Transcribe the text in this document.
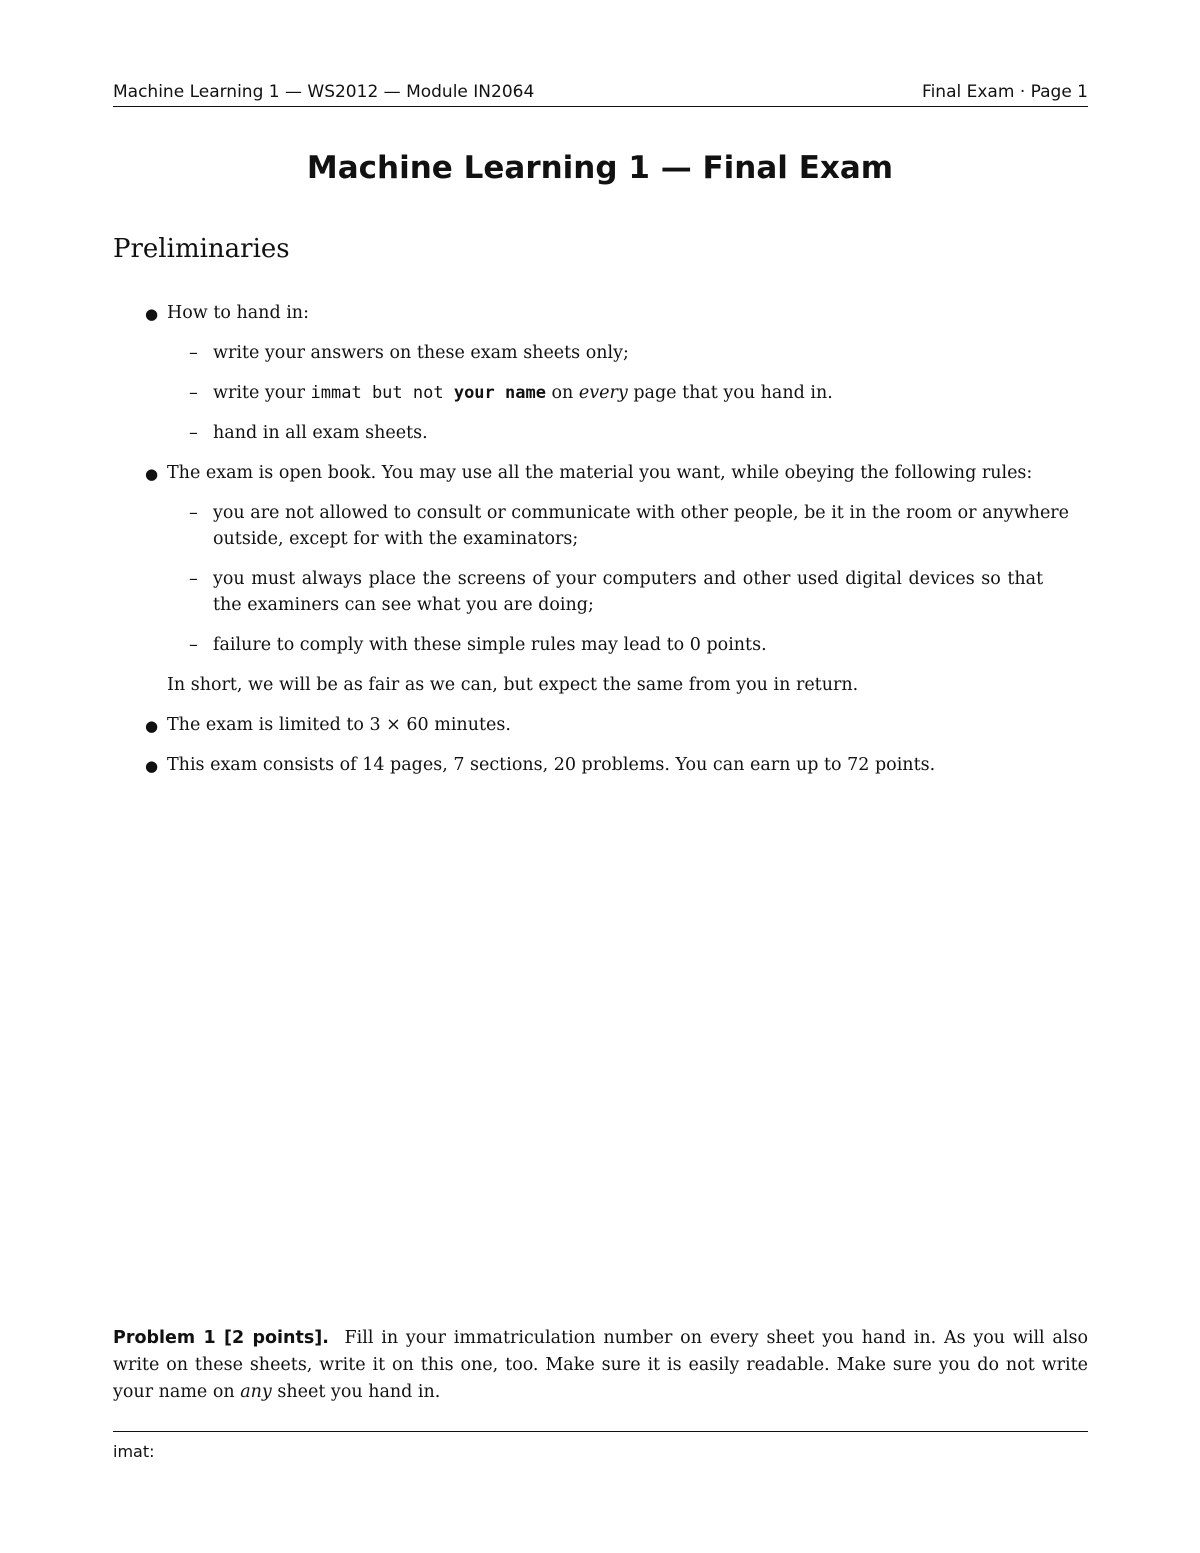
Machine Learning 1 — WS2012 — Module IN2064	Final Exam · Page 1
Machine Learning 1 — Final Exam
Preliminaries
● How to hand in:
– write your answers on these exam sheets only;
– write your immat but not your name on every page that you hand in.
– hand in all exam sheets.
● The exam is open book. You may use all the material you want, while obeying the following rules:
– you are not allowed to consult or communicate with other people, be it in the room or anywhere
outside, except for with the examinators;
– you must always place the screens of your computers and other used digital devices so that
the examiners can see what you are doing;
– failure to comply with these simple rules may lead to 0 points.
In short, we will be as fair as we can, but expect the same from you in return.
● The exam is limited to 3 × 60 minutes.
● This exam consists of 14 pages, 7 sections, 20 problems. You can earn up to 72 points.
Problem 1 [2 points]. Fill in your immatriculation number on every sheet you hand in. As you will also write on these sheets, write it on this one, too. Make sure it is easily readable. Make sure you do not write your name on any sheet you hand in.
imat:
